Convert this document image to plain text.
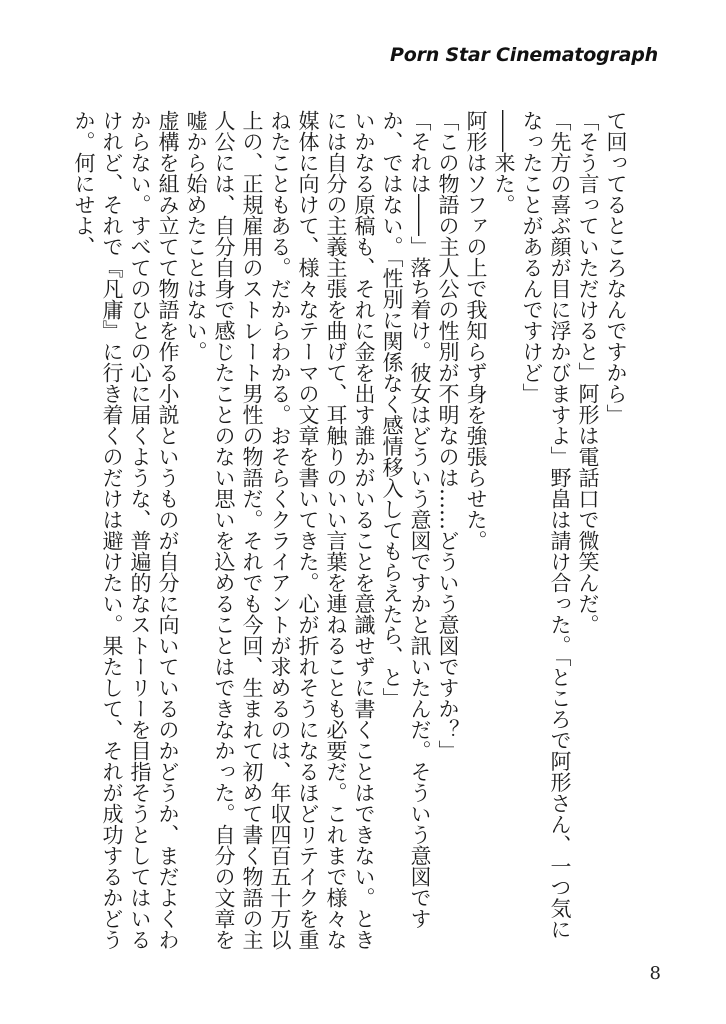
Porn Star Cinematograph

て回ってるところなんですから」

「そう言っていただけると」阿形は電話口で微笑んだ。

「先方の喜ぶ顔が目に浮かびますよ」野畠は請け合った。「ところで阿形さん、一つ気になったことがあるんですけど」

――来た。

阿形はソファの上で我知らず身を強張らせた。

「この物語の主人公の性別が不明なのは……どういう意図ですか？」

「それは――」落ち着け。彼女はどういう意図ですかと訊いたんだ。そういう意図ですか、ではない。「性別に関係なく感情移入してもらえたら、と」

いかなる原稿も、それに金を出す誰かがいることを意識せずに書くことはできない。ときには自分の主義主張を曲げて、耳触りのいい言葉を連ねることも必要だ。これまで様々な媒体に向けて、様々なテーマの文章を書いてきた。心が折れそうになるほどリテイクを重ねたこともある。だからわかる。おそらくクライアントが求めるのは、年収四百五十万以上の、正規雇用のストレート男性の物語だ。それでも今回、生まれて初めて書く物語の主人公には、自分自身で感じたことのない思いを込めることはできなかった。自分の文章を嘘から始めたことはない。

虚構を組み立てて物語を作る小説というものが自分に向いているのかどうか、まだよくわからない。すべてのひとの心に届くような、普遍的なストーリーを目指そうとしてはいるけれど、それで『凡庸』に行き着くのだけは避けたい。果たして、それが成功するかどうか。何にせよ、

8
